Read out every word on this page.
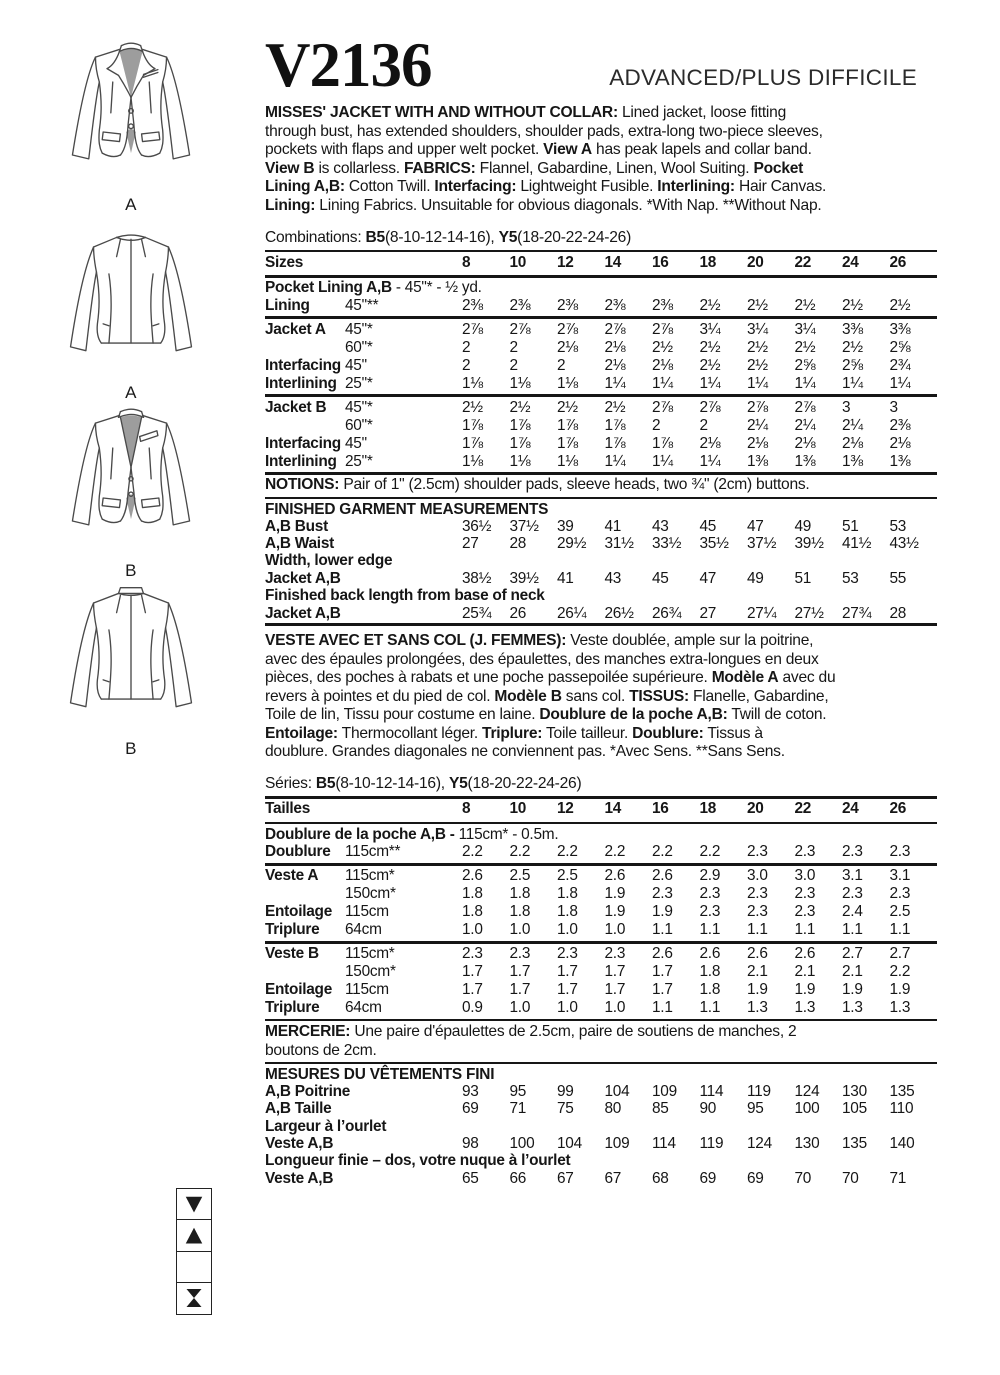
A
A
B
B
V2136	ADVANCED/PLUS DIFFICILE
MISSES' JACKET WITH AND WITHOUT COLLAR: Lined jacket, loose fitting
through bust, has extended shoulders, shoulder pads, extra-long two-piece sleeves,
pockets with flaps and upper welt pocket. View A has peak lapels and collar band.
View B is collarless. FABRICS: Flannel, Gabardine, Linen, Wool Suiting. Pocket
Lining A,B: Cotton Twill. Interfacing: Lightweight Fusible. Interlining: Hair Canvas.
Lining: Lining Fabrics. Unsuitable for obvious diagonals. *With Nap. **Without Nap.
Combinations: B5(8-10-12-14-16), Y5(18-20-22-24-26)
Sizes	8	10	12	14	16	18	20	22	24	26
Pocket Lining A,B - 45"* - ½ yd.
Lining	45"**	2⅜	2⅜	2⅜	2⅜	2⅜	2½	2½	2½	2½	2½
Jacket A	45"*	2⅞	2⅞	2⅞	2⅞	2⅞	3¼	3¼	3¼	3⅜	3⅜
60"*	2	2	2⅛	2⅛	2½	2½	2½	2½	2½	2⅝
Interfacing 45"	2	2	2	2⅛	2⅛	2½	2½	2⅝	2⅝	2¾
Interlining 25"*	1⅛	1⅛	1⅛	1¼	1¼	1¼	1¼	1¼	1¼	1¼
Jacket B	45"*	2½	2½	2½	2½	2⅞	2⅞	2⅞	2⅞	3	3
60"*	1⅞	1⅞	1⅞	1⅞	2	2	2¼	2¼	2¼	2⅜
Interfacing 45"	1⅞	1⅞	1⅞	1⅞	1⅞	2⅛	2⅛	2⅛	2⅛	2⅛
Interlining 25"*	1⅛	1⅛	1⅛	1¼	1¼	1¼	1⅜	1⅜	1⅜	1⅜
NOTIONS: Pair of 1" (2.5cm) shoulder pads, sleeve heads, two ¾" (2cm) buttons.
FINISHED GARMENT MEASUREMENTS
A,B Bust	36½	37½	39	41	43	45	47	49	51	53
A,B Waist	27	28	29½	31½	33½	35½	37½	39½	41½	43½
Width, lower edge
Jacket A,B	38½	39½	41	43	45	47	49	51	53	55
Finished back length from base of neck
Jacket A,B	25¾	26	26¼	26½	26¾	27	27¼	27½	27¾	28
VESTE AVEC ET SANS COL (J. FEMMES): Veste doublée, ample sur la poitrine,
avec des épaules prolongées, des épaulettes, des manches extra-longues en deux
pièces, des poches à rabats et une poche passepoilée supérieure. Modèle A avec du
revers à pointes et du pied de col. Modèle B sans col. TISSUS: Flanelle, Gabardine,
Toile de lin, Tissu pour costume en laine. Doublure de la poche A,B: Twill de coton.
Entoilage: Thermocollant léger. Triplure: Toile tailleur. Doublure: Tissus à
doublure. Grandes diagonales ne conviennent pas. *Avec Sens. **Sans Sens.
Séries: B5(8-10-12-14-16), Y5(18-20-22-24-26)
Tailles	8	10	12	14	16	18	20	22	24	26
Doublure de la poche A,B - 115cm* - 0.5m.
Doublure 115cm**	2.2	2.2	2.2	2.2	2.2	2.2	2.3	2.3	2.3	2.3
Veste A	115cm*	2.6	2.5	2.5	2.6	2.6	2.9	3.0	3.0	3.1	3.1
150cm*	1.8	1.8	1.8	1.9	2.3	2.3	2.3	2.3	2.3	2.3
Entoilage 115cm	1.8	1.8	1.8	1.9	1.9	2.3	2.3	2.3	2.4	2.5
Triplure	64cm	1.0	1.0	1.0	1.0	1.1	1.1	1.1	1.1	1.1	1.1
Veste B	115cm*	2.3	2.3	2.3	2.3	2.6	2.6	2.6	2.6	2.7	2.7
150cm*	1.7	1.7	1.7	1.7	1.7	1.8	2.1	2.1	2.1	2.2
Entoilage 115cm	1.7	1.7	1.7	1.7	1.7	1.8	1.9	1.9	1.9	1.9
Triplure	64cm	0.9	1.0	1.0	1.0	1.1	1.1	1.3	1.3	1.3	1.3
MERCERIE: Une paire d'épaulettes de 2.5cm, paire de soutiens de manches, 2
boutons de 2cm.
MESURES DU VÊTEMENTS FINI
A,B Poitrine	93	95	99	104	109	114	119	124	130	135
A,B Taille	69	71	75	80	85	90	95	100	105	110
Largeur à l’ourlet
Veste A,B	98	100	104	109	114	119	124	130	135	140
Longueur finie – dos, votre nuque à l’ourlet
Veste A,B	65	66	67	67	68	69	69	70	70	71
